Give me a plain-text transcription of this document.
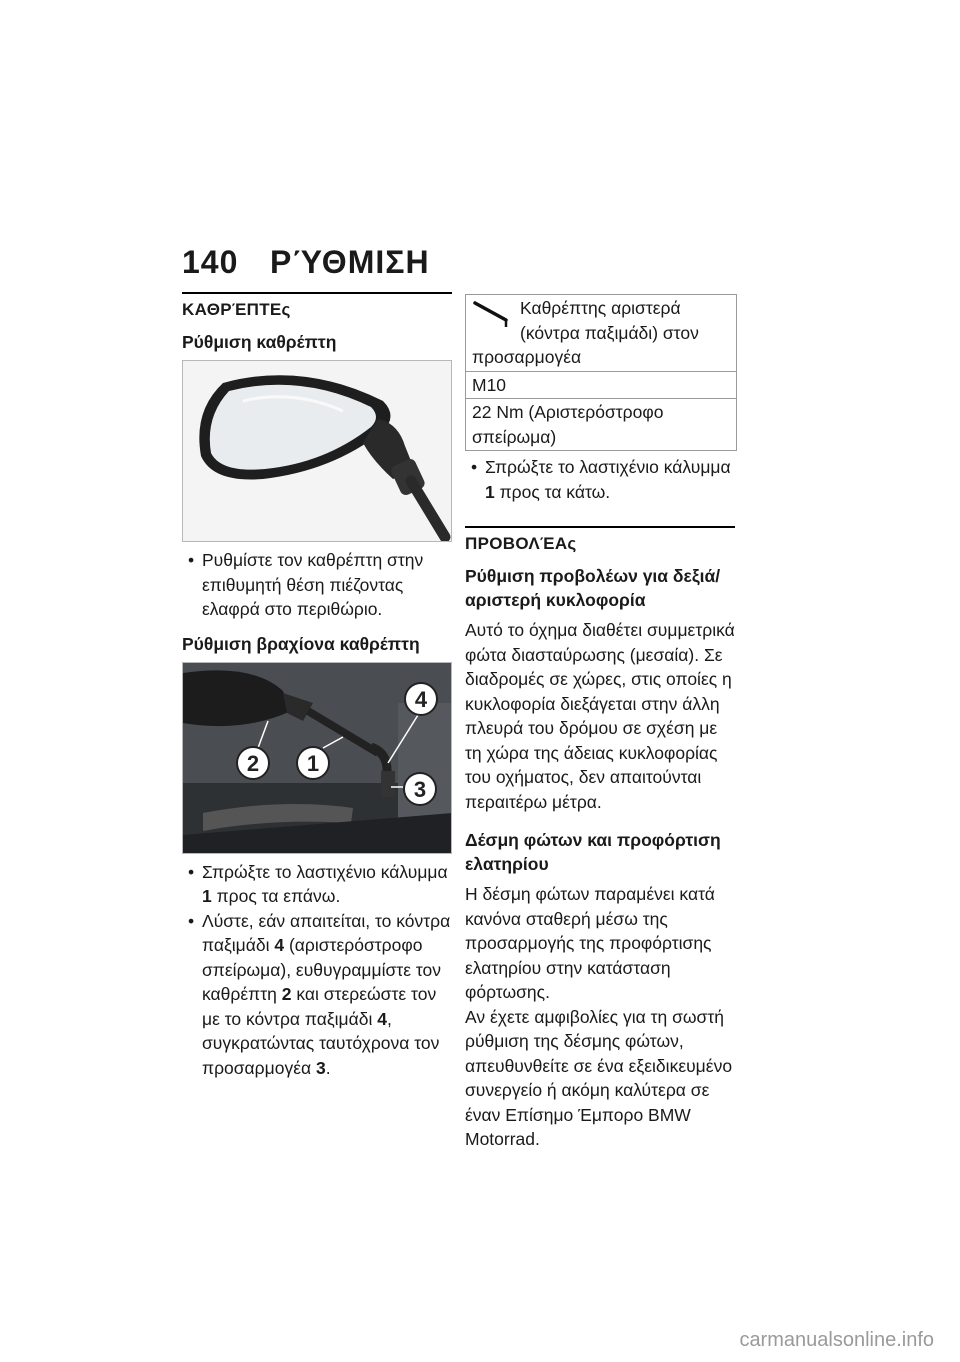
140 ΡΎΘΜΙΣΗ
ΚΑΘΡΈΠΤΕς
Ρύθμιση καθρέπτη
• Ρυθμίστε τον καθρέπτη στην επιθυμητή θέση πιέζοντας ελαφρά στο περιθώριο.
Ρύθμιση βραχίονα καθρέπτη
1
2
3
4
• Σπρώξτε το λαστιχένιο κάλυμμα 1 προς τα επάνω.
• Λύστε, εάν απαιτείται, το κόντρα παξιμάδι 4 (αριστερόστροφο σπείρωμα), ευθυγραμμίστε τον καθρέπτη 2 και στερεώστε τον με το κόντρα παξιμάδι 4, συγκρατώντας ταυτόχρονα τον προσαρμογέα 3.
Καθρέπτης αριστερά (κόντρα παξιμάδι) στον προσαρμογέα
M10
22 Nm (Αριστερόστροφο σπείρωμα)
• Σπρώξτε το λαστιχένιο κάλυμμα 1 προς τα κάτω.
ΠΡΟΒΟΛΈΑς
Ρύθμιση προβολέων για δεξιά/αριστερή κυκλοφορία

Αυτό το όχημα διαθέτει συμμετρικά φώτα διασταύρωσης (μεσαία). Σε διαδρομές σε χώρες, στις οποίες η κυκλοφορία διεξάγεται στην άλλη πλευρά του δρόμου σε σχέση με τη χώρα της άδειας κυκλοφορίας του οχήματος, δεν απαιτούνται περαιτέρω μέτρα.

Δέσμη φώτων και προφόρτιση ελατηρίου

Η δέσμη φώτων παραμένει κατά κανόνα σταθερή μέσω της προσαρμογής της προφόρτισης ελατηρίου στην κατάσταση φόρτωσης.

Αν έχετε αμφιβολίες για τη σωστή ρύθμιση της δέσμης φώτων, απευθυνθείτε σε ένα εξειδικευμένο συνεργείο ή ακόμη καλύτερα σε έναν Επίσημο Έμπορο BMW Motorrad.

carmanualsonline.info
